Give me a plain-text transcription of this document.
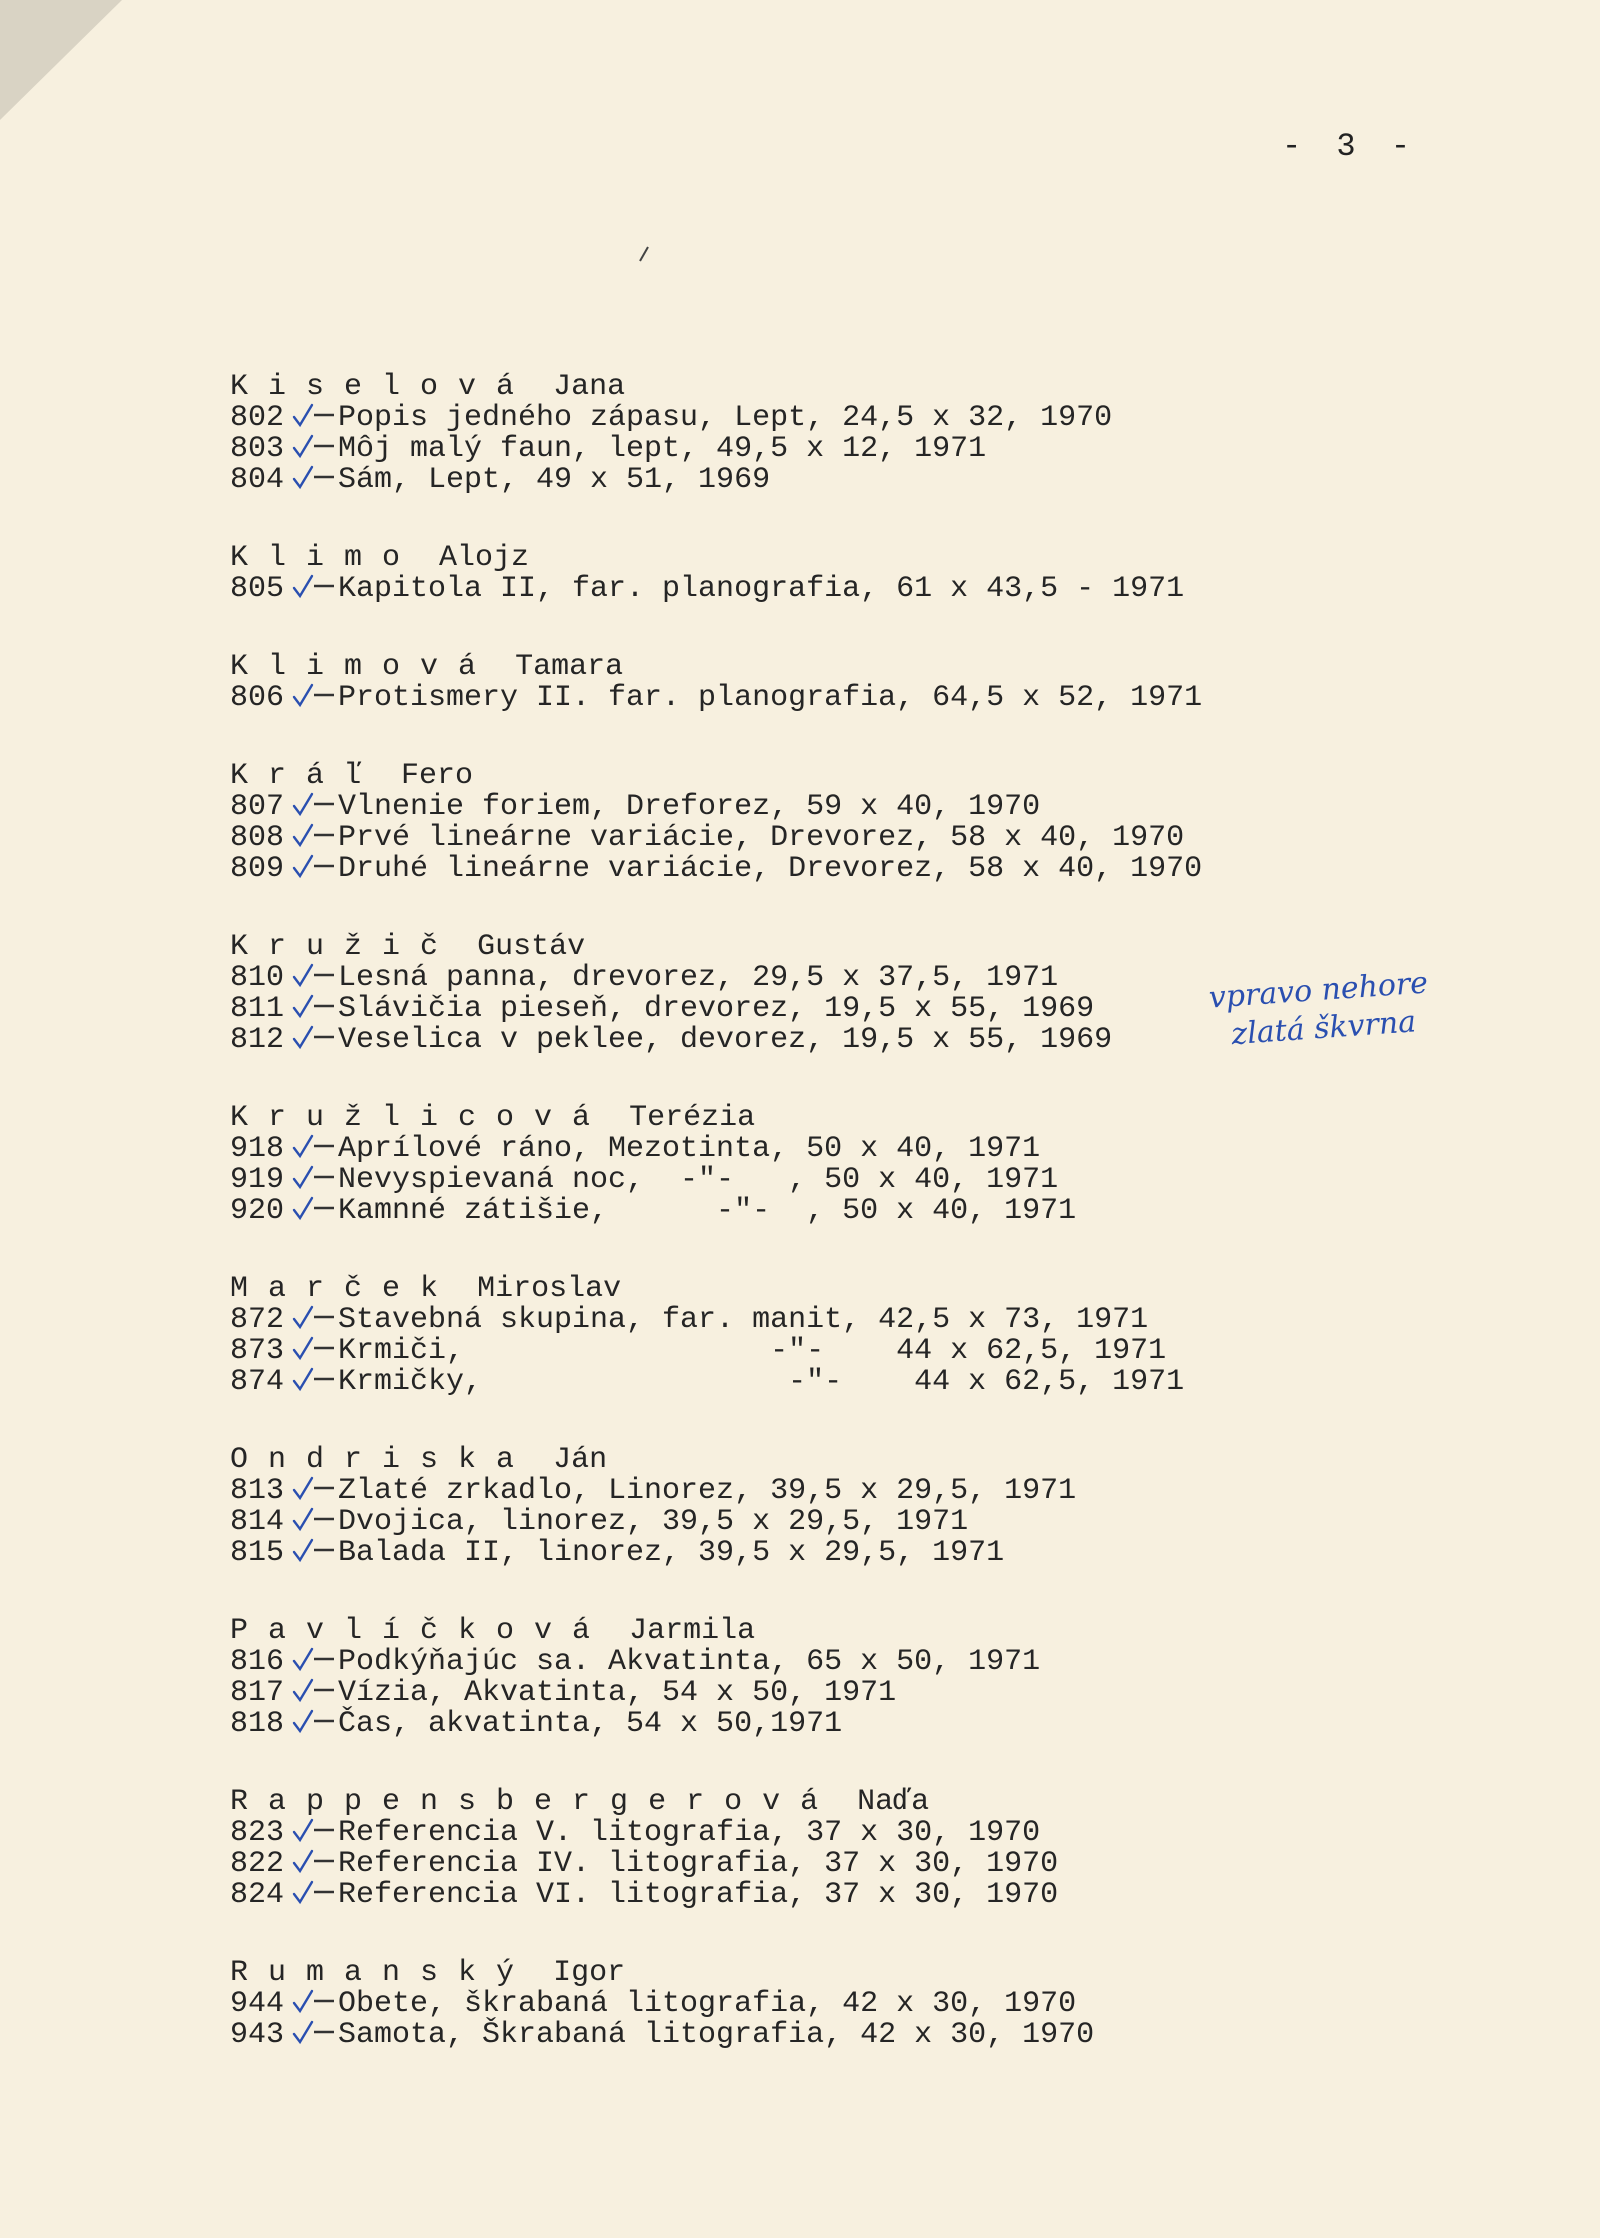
- 3 -
K i s e l o v á Jana
802 Popis jedného zápasu, Lept, 24,5 x 32, 1970
803 Môj malý faun, lept, 49,5 x 12, 1971
804 Sám, Lept, 49 x 51, 1969
K l i m o Alojz
805 Kapitola II, far. planografia, 61 x 43,5 - 1971
K l i m o v á Tamara
806 Protismery II. far. planografia, 64,5 x 52, 1971
K r á ľ Fero
807 Vlnenie foriem, Dreforez, 59 x 40, 1970
808 Prvé lineárne variácie, Drevorez, 58 x 40, 1970
809 Druhé lineárne variácie, Drevorez, 58 x 40, 1970
K r u ž i č Gustáv
810 Lesná panna, drevorez, 29,5 x 37,5, 1971
811 Slávičia pieseň, drevorez, 19,5 x 55, 1969
812 Veselica v peklee, devorez, 19,5 x 55, 1969
K r u ž l i c o v á Terézia
918 Aprílové ráno, Mezotinta, 50 x 40, 1971
919 Nevyspievaná noc,  -"-   , 50 x 40, 1971
920 Kamnné zátišie,      -"-  , 50 x 40, 1971
M a r č e k Miroslav
872 Stavebná skupina, far. manit, 42,5 x 73, 1971
873 Krmiči,                 -"-    44 x 62,5, 1971
874 Krmičky,                 -"-    44 x 62,5, 1971
O n d r i s k a Ján
813 Zlaté zrkadlo, Linorez, 39,5 x 29,5, 1971
814 Dvojica, linorez, 39,5 x 29,5, 1971
815 Balada II, linorez, 39,5 x 29,5, 1971
P a v l í č k o v á Jarmila
816 Podkýňajúc sa. Akvatinta, 65 x 50, 1971
817 Vízia, Akvatinta, 54 x 50, 1971
818 Čas, akvatinta, 54 x 50,1971
R a p p e n s b e r g e r o v á Naďa
823 Referencia V. litografia, 37 x 30, 1970
822 Referencia IV. litografia, 37 x 30, 1970
824 Referencia VI. litografia, 37 x 30, 1970
R u m a n s k ý Igor
944 Obete, škrabaná litografia, 42 x 30, 1970
943 Samota, Škrabaná litografia, 42 x 30, 1970
vpravo nehore
zlatá škvrna
